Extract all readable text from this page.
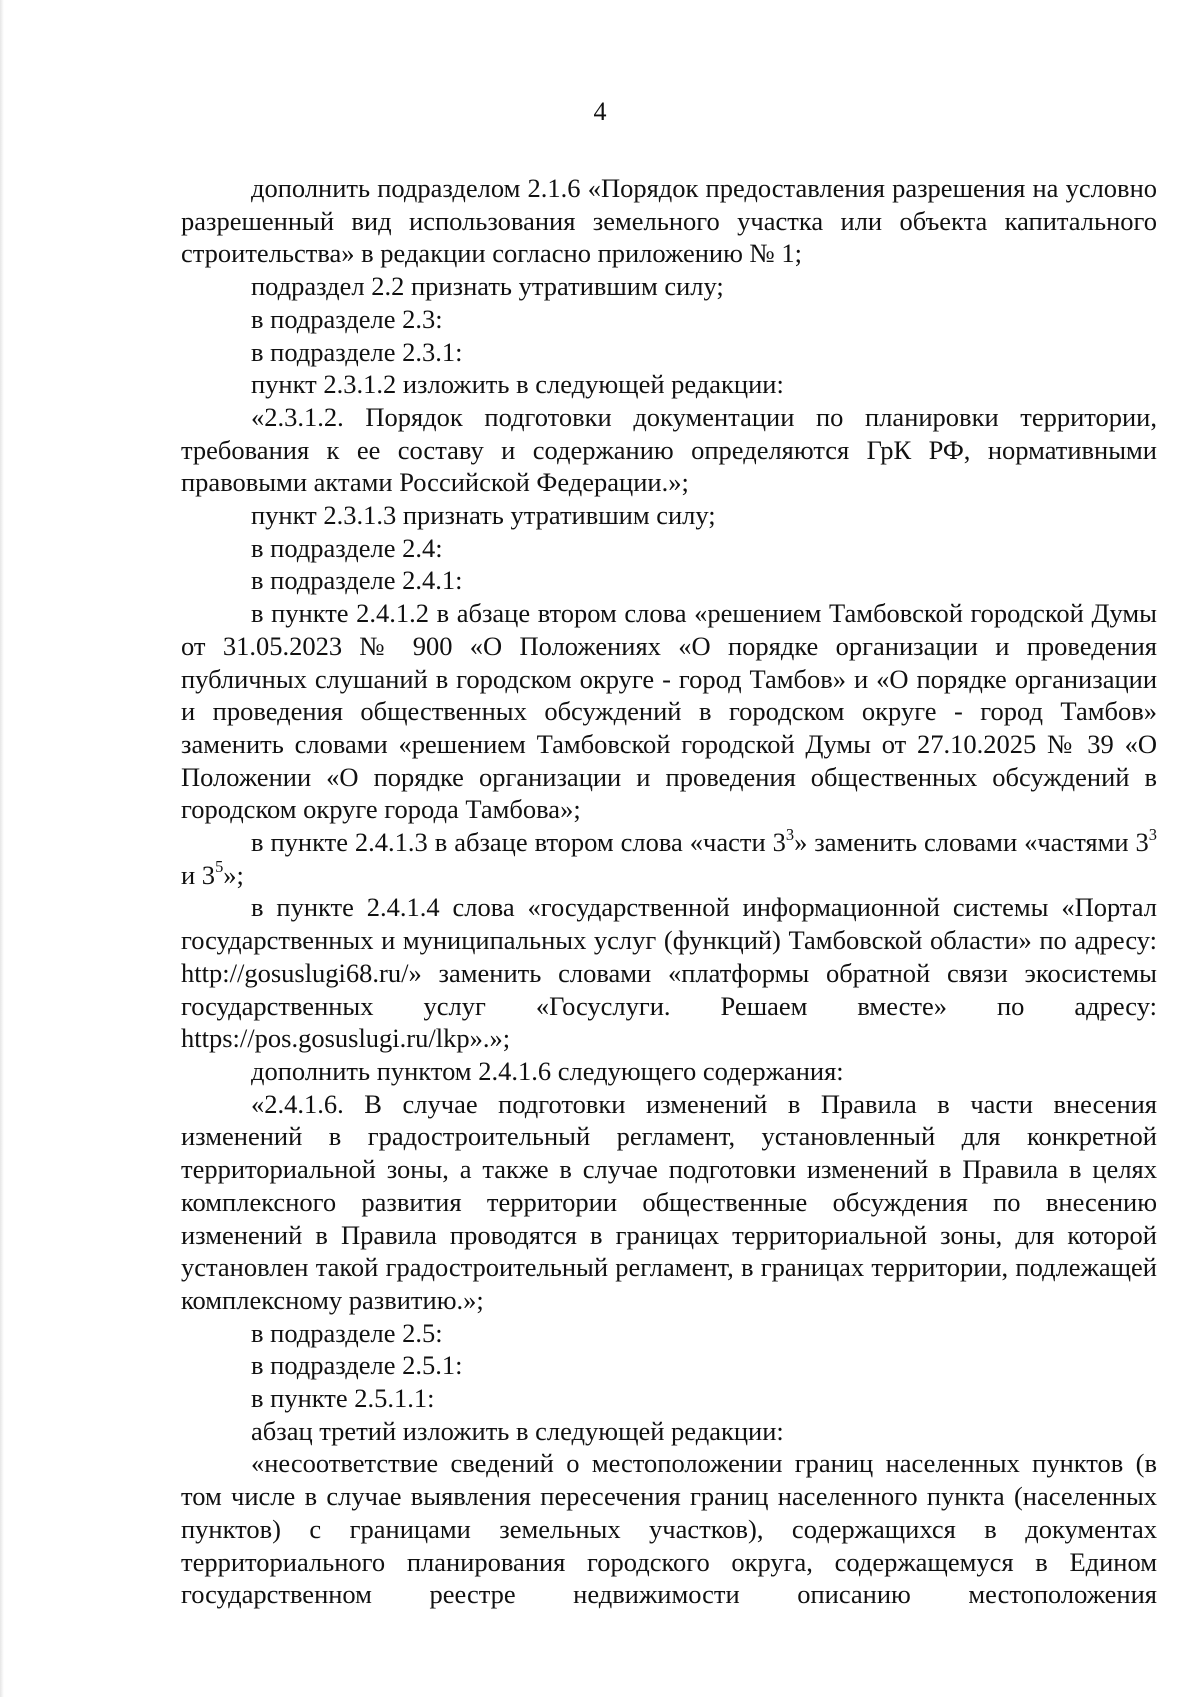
4

дополнить подразделом 2.1.6 «Порядок предоставления разрешения на условно разрешенный вид использования земельного участка или объекта капитального строительства» в редакции согласно приложению № 1;

подраздел 2.2 признать утратившим силу;

в подразделе 2.3:

в подразделе 2.3.1:

пункт 2.3.1.2 изложить в следующей редакции:

«2.3.1.2. Порядок подготовки документации по планировки территории, требования к ее составу и содержанию определяются ГрК РФ, нормативными правовыми актами Российской Федерации.»;

пункт 2.3.1.3 признать утратившим силу;

в подразделе 2.4:

в подразделе 2.4.1:

в пункте 2.4.1.2 в абзаце втором слова «решением Тамбовской городской Думы от 31.05.2023 № 900 «О Положениях «О порядке организации и проведения публичных слушаний в городском округе - город Тамбов» и «О порядке организации и проведения общественных обсуждений в городском округе - город Тамбов» заменить словами «решением Тамбовской городской Думы от 27.10.2025 № 39 «О Положении «О порядке организации и проведения общественных обсуждений в городском округе города Тамбова»;

в пункте 2.4.1.3 в абзаце втором слова «части $3^3$» заменить словами «частями $3^3$ и $3^5$»;

в пункте 2.4.1.4 слова «государственной информационной системы «Портал государственных и муниципальных услуг (функций) Тамбовской области» по адресу: http://gosuslugi68.ru/» заменить словами «платформы обратной связи экосистемы государственных услуг «Госуслуги. Решаем вместе» по адресу: https://pos.gosuslugi.ru/lkp».»;

дополнить пунктом 2.4.1.6 следующего содержания:

«2.4.1.6. В случае подготовки изменений в Правила в части внесения изменений в градостроительный регламент, установленный для конкретной территориальной зоны, а также в случае подготовки изменений в Правила в целях комплексного развития территории общественные обсуждения по внесению изменений в Правила проводятся в границах территориальной зоны, для которой установлен такой градостроительный регламент, в границах территории, подлежащей комплексному развитию.»;

в подразделе 2.5:

в подразделе 2.5.1:

в пункте 2.5.1.1:

абзац третий изложить в следующей редакции:

«несоответствие сведений о местоположении границ населенных пунктов (в том числе в случае выявления пересечения границ населенного пункта (населенных пунктов) с границами земельных участков), содержащихся в документах территориального планирования городского округа, содержащемуся в Едином государственном реестре недвижимости описанию местоположения
